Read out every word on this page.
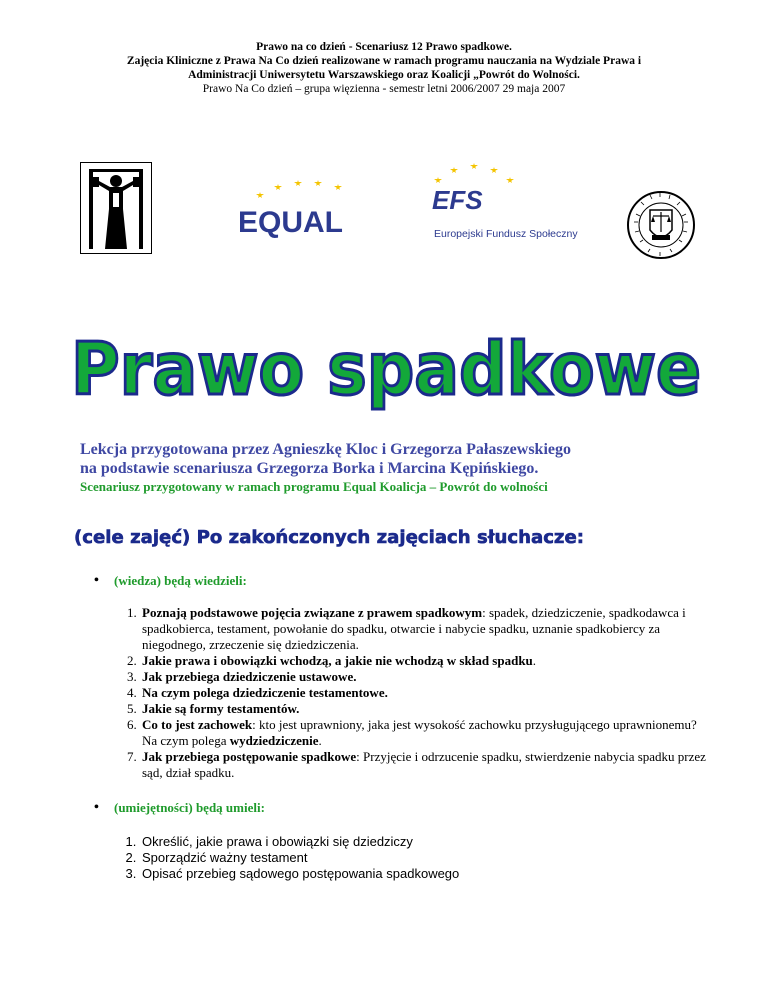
Prawo na co dzień - Scenariusz 12 Prawo spadkowe.
Zajęcia Kliniczne z Prawa Na Co dzień realizowane w ramach programu nauczania na Wydziale Prawa i
Administracji Uniwersytetu Warszawskiego oraz Koalicji „Powrót do Wolności.
Prawo Na Co dzień – grupa więzienna - semestr letni 2006/2007 29 maja 2007
EQUAL
EFS
Europejski Fundusz Społeczny
Prawo spadkowe
Lekcja przygotowana przez Agnieszkę Kloc i Grzegorza Pałaszewskiego
na podstawie scenariusza Grzegorza Borka i Marcina Kępińskiego.
Scenariusz przygotowany w ramach programu Equal Koalicja – Powrót do wolności
(cele zajęć) Po zakończonych zajęciach słuchacze:
• (wiedza) będą wiedzieli:
1. Poznają podstawowe pojęcia związane z prawem spadkowym: spadek, dziedziczenie, spadkodawca i spadkobierca, testament, powołanie do spadku, otwarcie i nabycie spadku, uznanie spadkobiercy za niegodnego, zrzeczenie się dziedziczenia.
2. Jakie prawa i obowiązki wchodzą, a jakie nie wchodzą w skład spadku.
3. Jak przebiega dziedziczenie ustawowe.
4. Na czym polega dziedziczenie testamentowe.
5. Jakie są formy testamentów.
6. Co to jest zachowek: kto jest uprawniony, jaka jest wysokość zachowku przysługującego uprawnionemu? Na czym polega wydziedziczenie.
7. Jak przebiega postępowanie spadkowe: Przyjęcie i odrzucenie spadku, stwierdzenie nabycia spadku przez sąd, dział spadku.
• (umiejętności) będą umieli:
1. Określić, jakie prawa i obowiązki się dziedziczy
2. Sporządzić ważny testament
3. Opisać przebieg sądowego postępowania spadkowego
